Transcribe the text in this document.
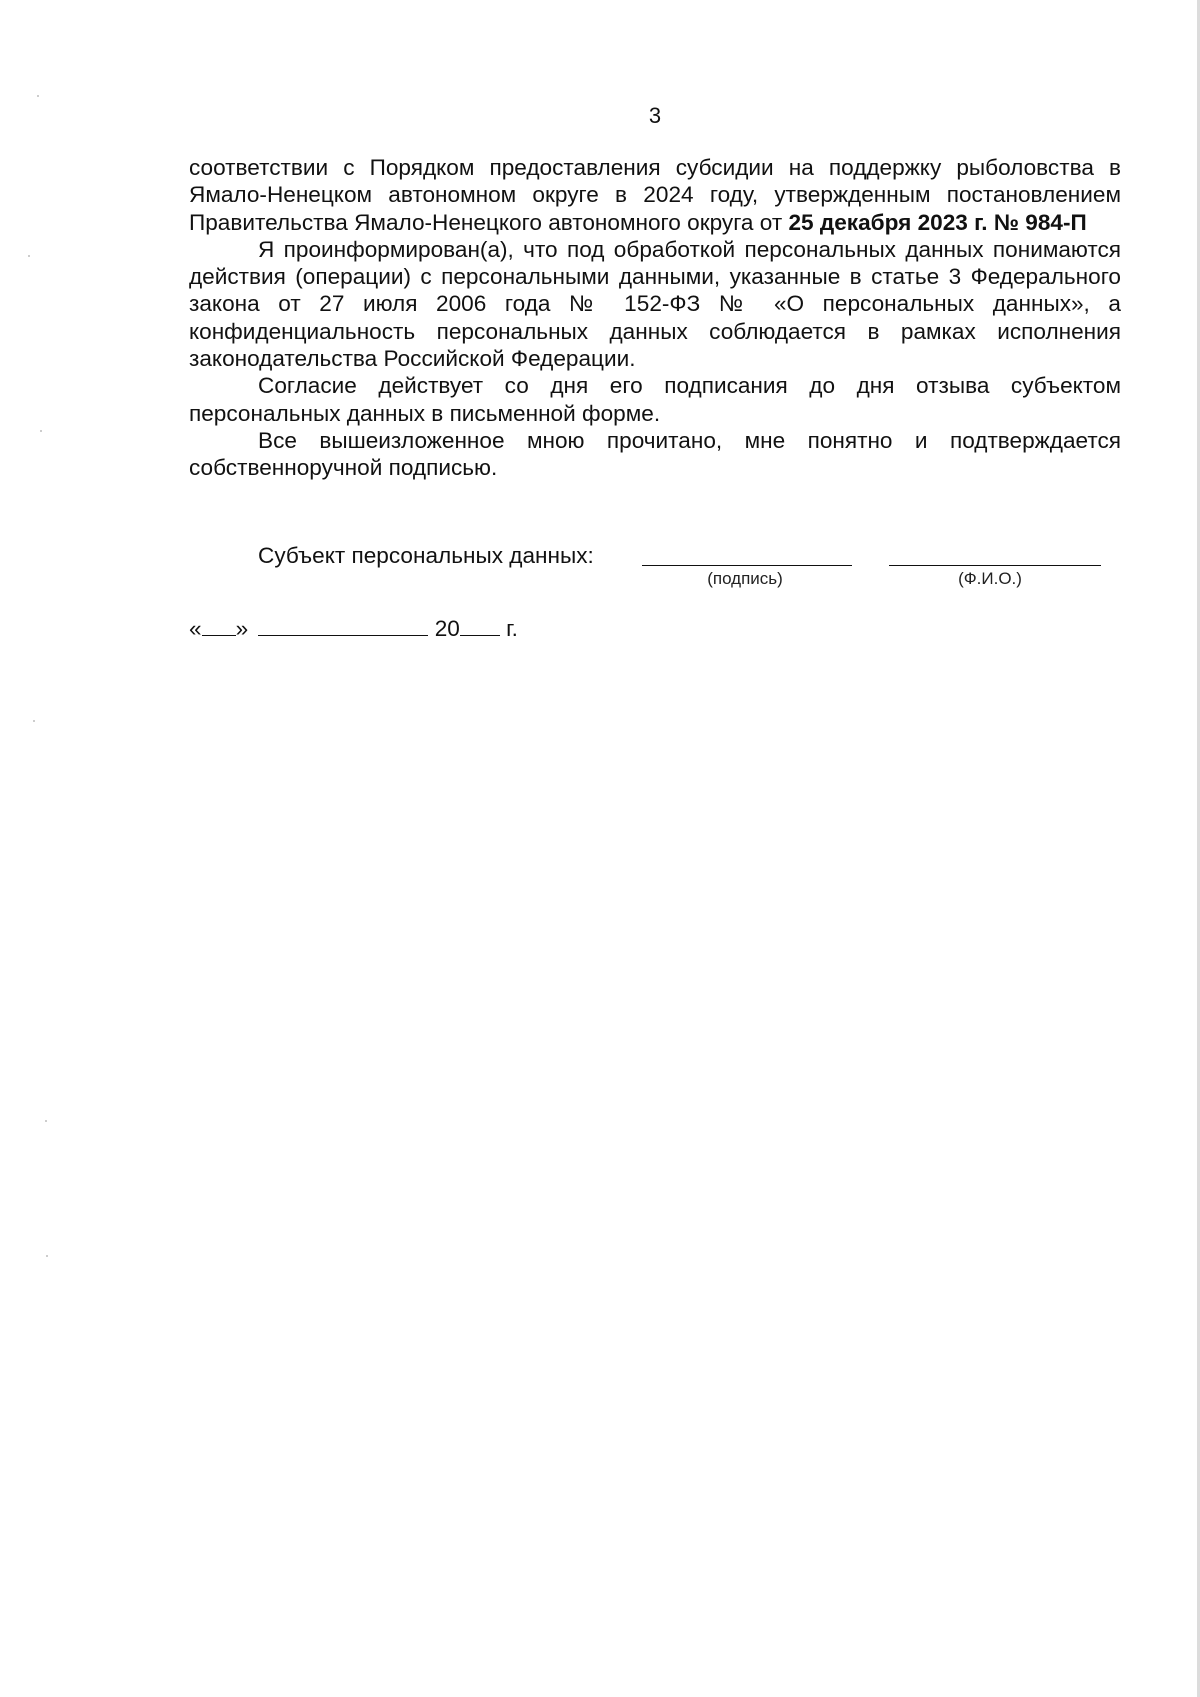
3

соответствии с Порядком предоставления субсидии на поддержку рыболовства в Ямало-Ненецком автономном округе в 2024 году, утвержденным постановлением Правительства Ямало-Ненецкого автономного округа от 25 декабря 2023 г. № 984-П

Я проинформирован(а), что под обработкой персональных данных понимаются действия (операции) с персональными данными, указанные в статье 3 Федерального закона от 27 июля 2006 года № 152-ФЗ № «О персональных данных», а конфиденциальность персональных данных соблюдается в рамках исполнения законодательства Российской Федерации.

Согласие действует со дня его подписания до дня отзыва субъектом персональных данных в письменной форме.

Все вышеизложенное мною прочитано, мне понятно и подтверждается собственноручной подписью.

Субъект персональных данных:
(подпись)	(Ф.И.О.)
« »	20 г.
